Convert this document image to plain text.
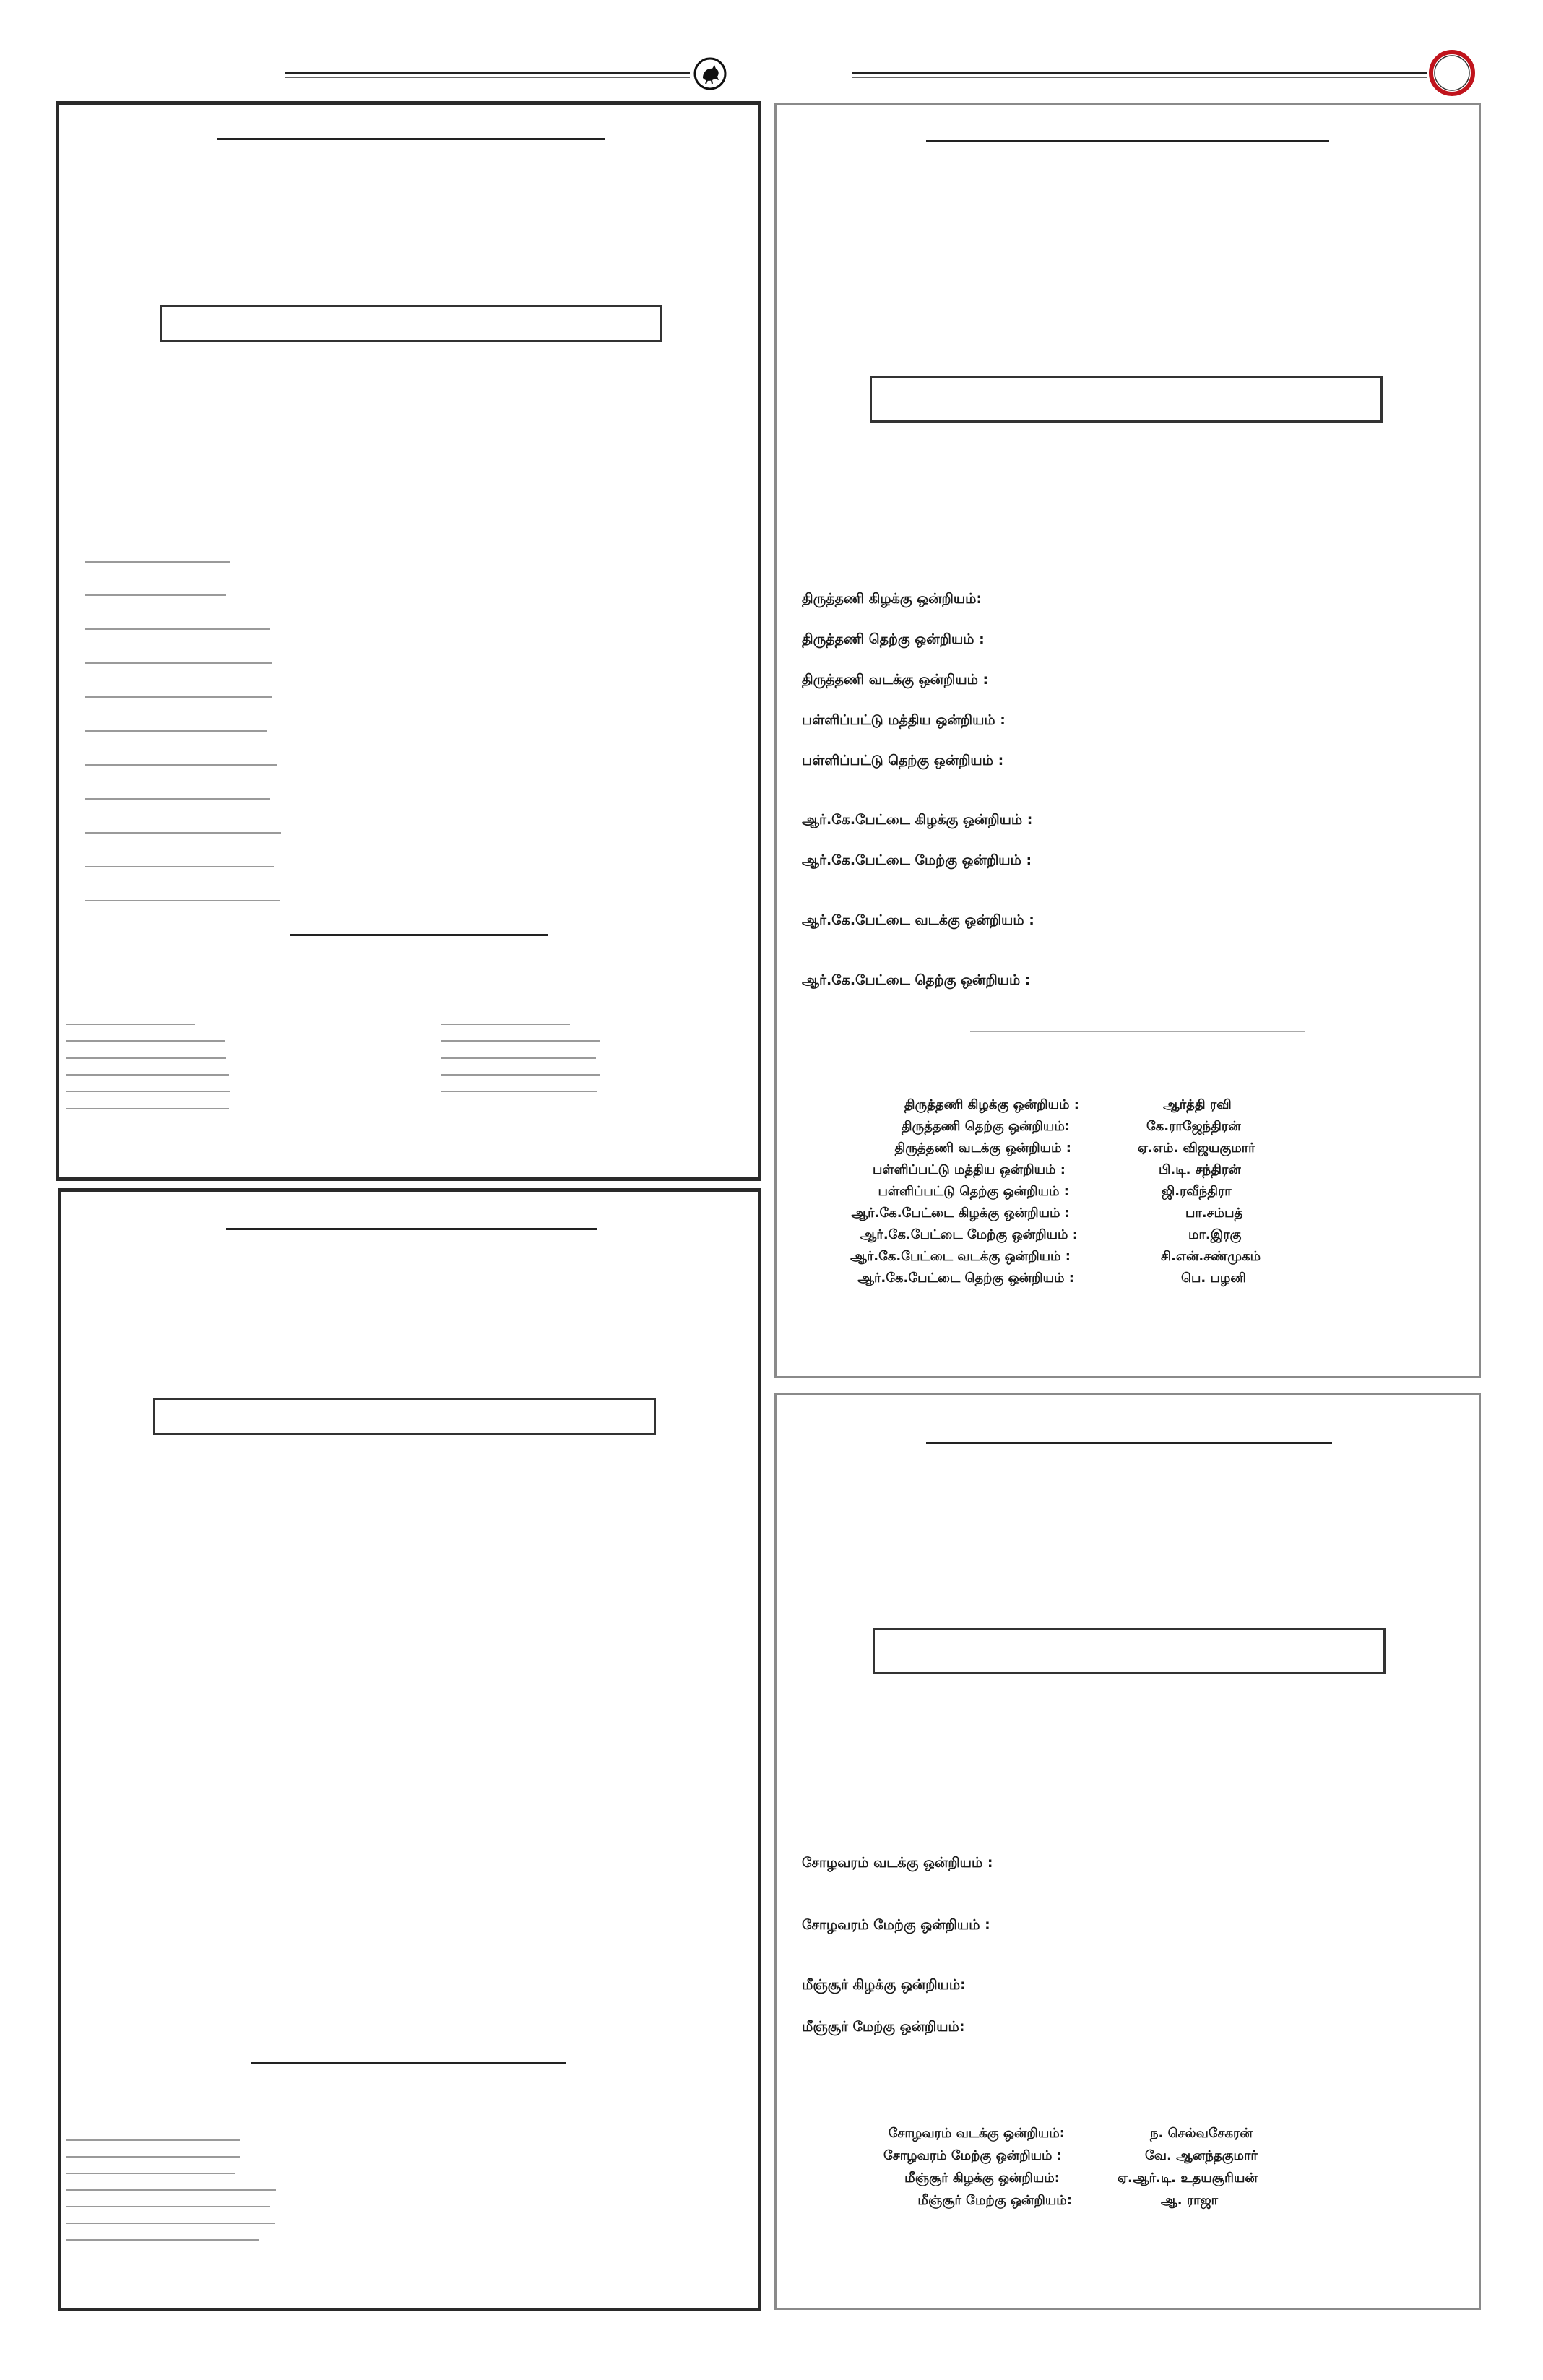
திருத்தணி கிழக்கு ஒன்றியம்:
திருத்தணி தெற்கு ஒன்றியம் :
திருத்தணி வடக்கு ஒன்றியம் :
பள்ளிப்பட்டு மத்திய ஒன்றியம் :
பள்ளிப்பட்டு தெற்கு ஒன்றியம் :
ஆர்.கே.பேட்டை கிழக்கு ஒன்றியம் :
ஆர்.கே.பேட்டை மேற்கு ஒன்றியம் :
ஆர்.கே.பேட்டை வடக்கு ஒன்றியம் :
ஆர்.கே.பேட்டை தெற்கு ஒன்றியம் :
திருத்தணி கிழக்கு ஒன்றியம் :	ஆர்த்தி ரவி
திருத்தணி தெற்கு ஒன்றியம்:	கே.ராஜேந்திரன்
திருத்தணி வடக்கு ஒன்றியம் :	ஏ.எம். விஜயகுமார்
பள்ளிப்பட்டு மத்திய ஒன்றியம் :	பி.டி. சந்திரன்
பள்ளிப்பட்டு தெற்கு ஒன்றியம் :	ஜி.ரவீந்திரா
ஆர்.கே.பேட்டை கிழக்கு ஒன்றியம் :	பா.சம்பத்
ஆர்.கே.பேட்டை மேற்கு ஒன்றியம் :	மா.இரகு
ஆர்.கே.பேட்டை வடக்கு ஒன்றியம் :	சி.என்.சண்முகம்
ஆர்.கே.பேட்டை தெற்கு ஒன்றியம் :	பெ. பழனி
சோழவரம் வடக்கு ஒன்றியம் :
சோழவரம் மேற்கு ஒன்றியம் :
மீஞ்சூர் கிழக்கு ஒன்றியம்:
மீஞ்சூர் மேற்கு ஒன்றியம்:
சோழவரம் வடக்கு ஒன்றியம்:	ந. செல்வசேகரன்
சோழவரம் மேற்கு ஒன்றியம் :	வே. ஆனந்தகுமார்
மீஞ்சூர் கிழக்கு ஒன்றியம்:	ஏ.ஆர்.டி. உதயசூரியன்
மீஞ்சூர் மேற்கு ஒன்றியம்:	ஆ. ராஜா
